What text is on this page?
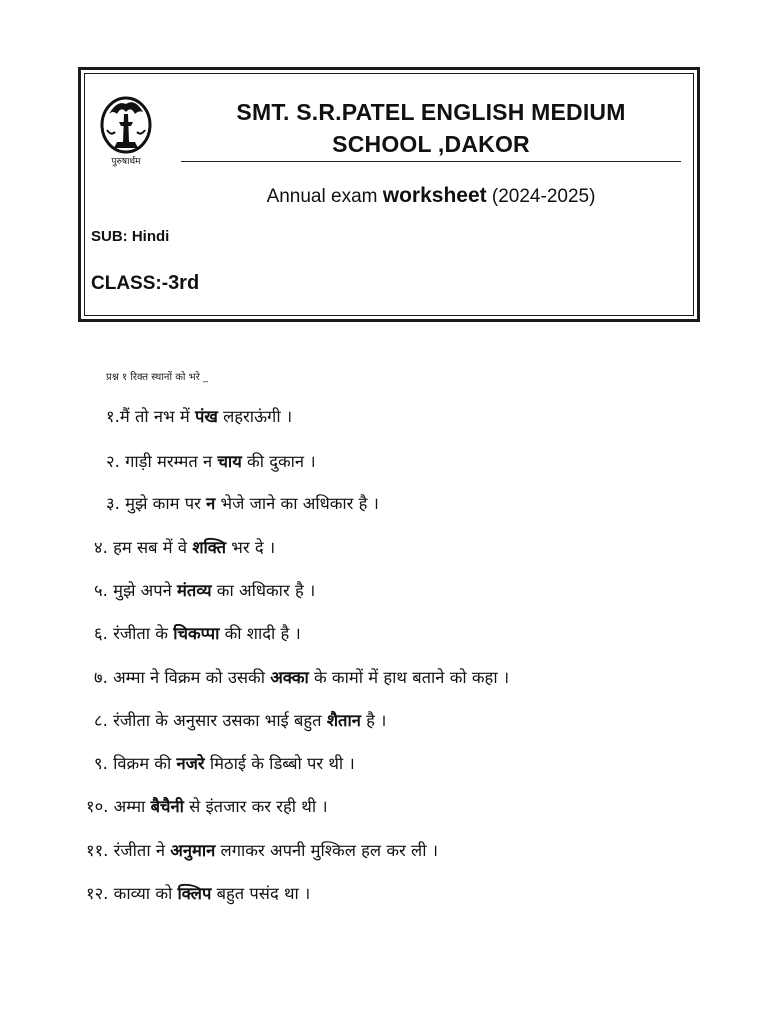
पुरुषार्थम
SMT. S.R.PATEL ENGLISH MEDIUM
SCHOOL ,DAKOR
Annual exam worksheet (2024-2025)
SUB: Hindi
CLASS:-3rd
प्रश्न १ रिक्त स्थानों को भरे _
१.मैं तो नभ में पंख लहराऊंगी ।
२. गाड़ी मरम्मत न चाय की दुकान ।
३. मुझे काम पर न भेजे जाने का अधिकार है ।
४. हम सब में वे शक्ति भर दे ।
५. मुझे अपने मंतव्य का अधिकार है ।
६. रंजीता के चिकप्पा की शादी है ।
७. अम्मा ने विक्रम को उसकी अक्का के कामों में हाथ बताने को कहा ।
८. रंजीता के अनुसार उसका भाई बहुत शैतान है ।
९. विक्रम की नजरे मिठाई के डिब्बो पर थी ।
१०. अम्मा बैचैनी से इंतजार कर रही थी ।
११. रंजीता ने अनुमान लगाकर अपनी मुश्किल हल कर ली ।
१२. काव्या को क्लिप बहुत पसंद था ।
